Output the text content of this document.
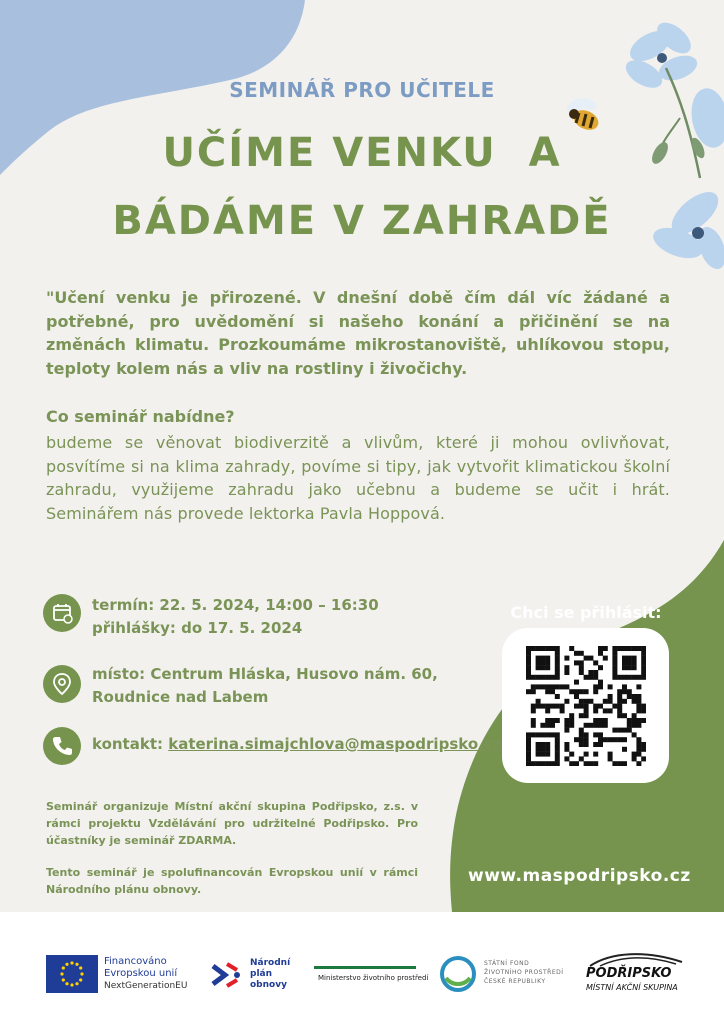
SEMINÁŘ PRO UČITELE
UČÍME VENKU  A
BÁDÁME V ZAHRADĚ
"Učení venku je přirozené. V dnešní době čím dál víc žádané a potřebné, pro uvědomění si našeho konání a přičinění se na změnách klimatu. Prozkoumáme mikrostanoviště, uhlíkovou stopu, teploty kolem nás a vliv na rostliny i živočichy.
Co seminář nabídne?
budeme se věnovat biodiverzitě a vlivům, které ji mohou ovlivňovat, posvítíme si na klima zahrady, povíme si tipy, jak vytvořit klimatickou školní zahradu, využijeme zahradu jako učebnu a budeme se učit i hrát. Seminářem nás provede lektorka Pavla Hoppová.
termín: 22. 5. 2024, 14:00 – 16:30
přihlášky: do 17. 5. 2024
místo: Centrum Hláska, Husovo nám. 60,
Roudnice nad Labem
kontakt: katerina.simajchlova@maspodripsko.cz
Chci se přihlásit:
Seminář organizuje Místní akční skupina Podřipsko, z.s. v rámci projektu Vzdělávání pro udržitelné Podřipsko. Pro účastníky je seminář ZDARMA.
Tento seminář je spolufinancován Evropskou unií v rámci Národního plánu obnovy.
www.maspodripsko.cz
Financováno
Evropskou unií
NextGenerationEU
Národní
plán
obnovy
Ministerstvo životního prostředí
STÁTNÍ FOND
ŽIVOTNÍHO PROSTŘEDÍ
ČESKÉ REPUBLIKY
PODŘIPSKO
MÍSTNÍ AKČNÍ SKUPINA
